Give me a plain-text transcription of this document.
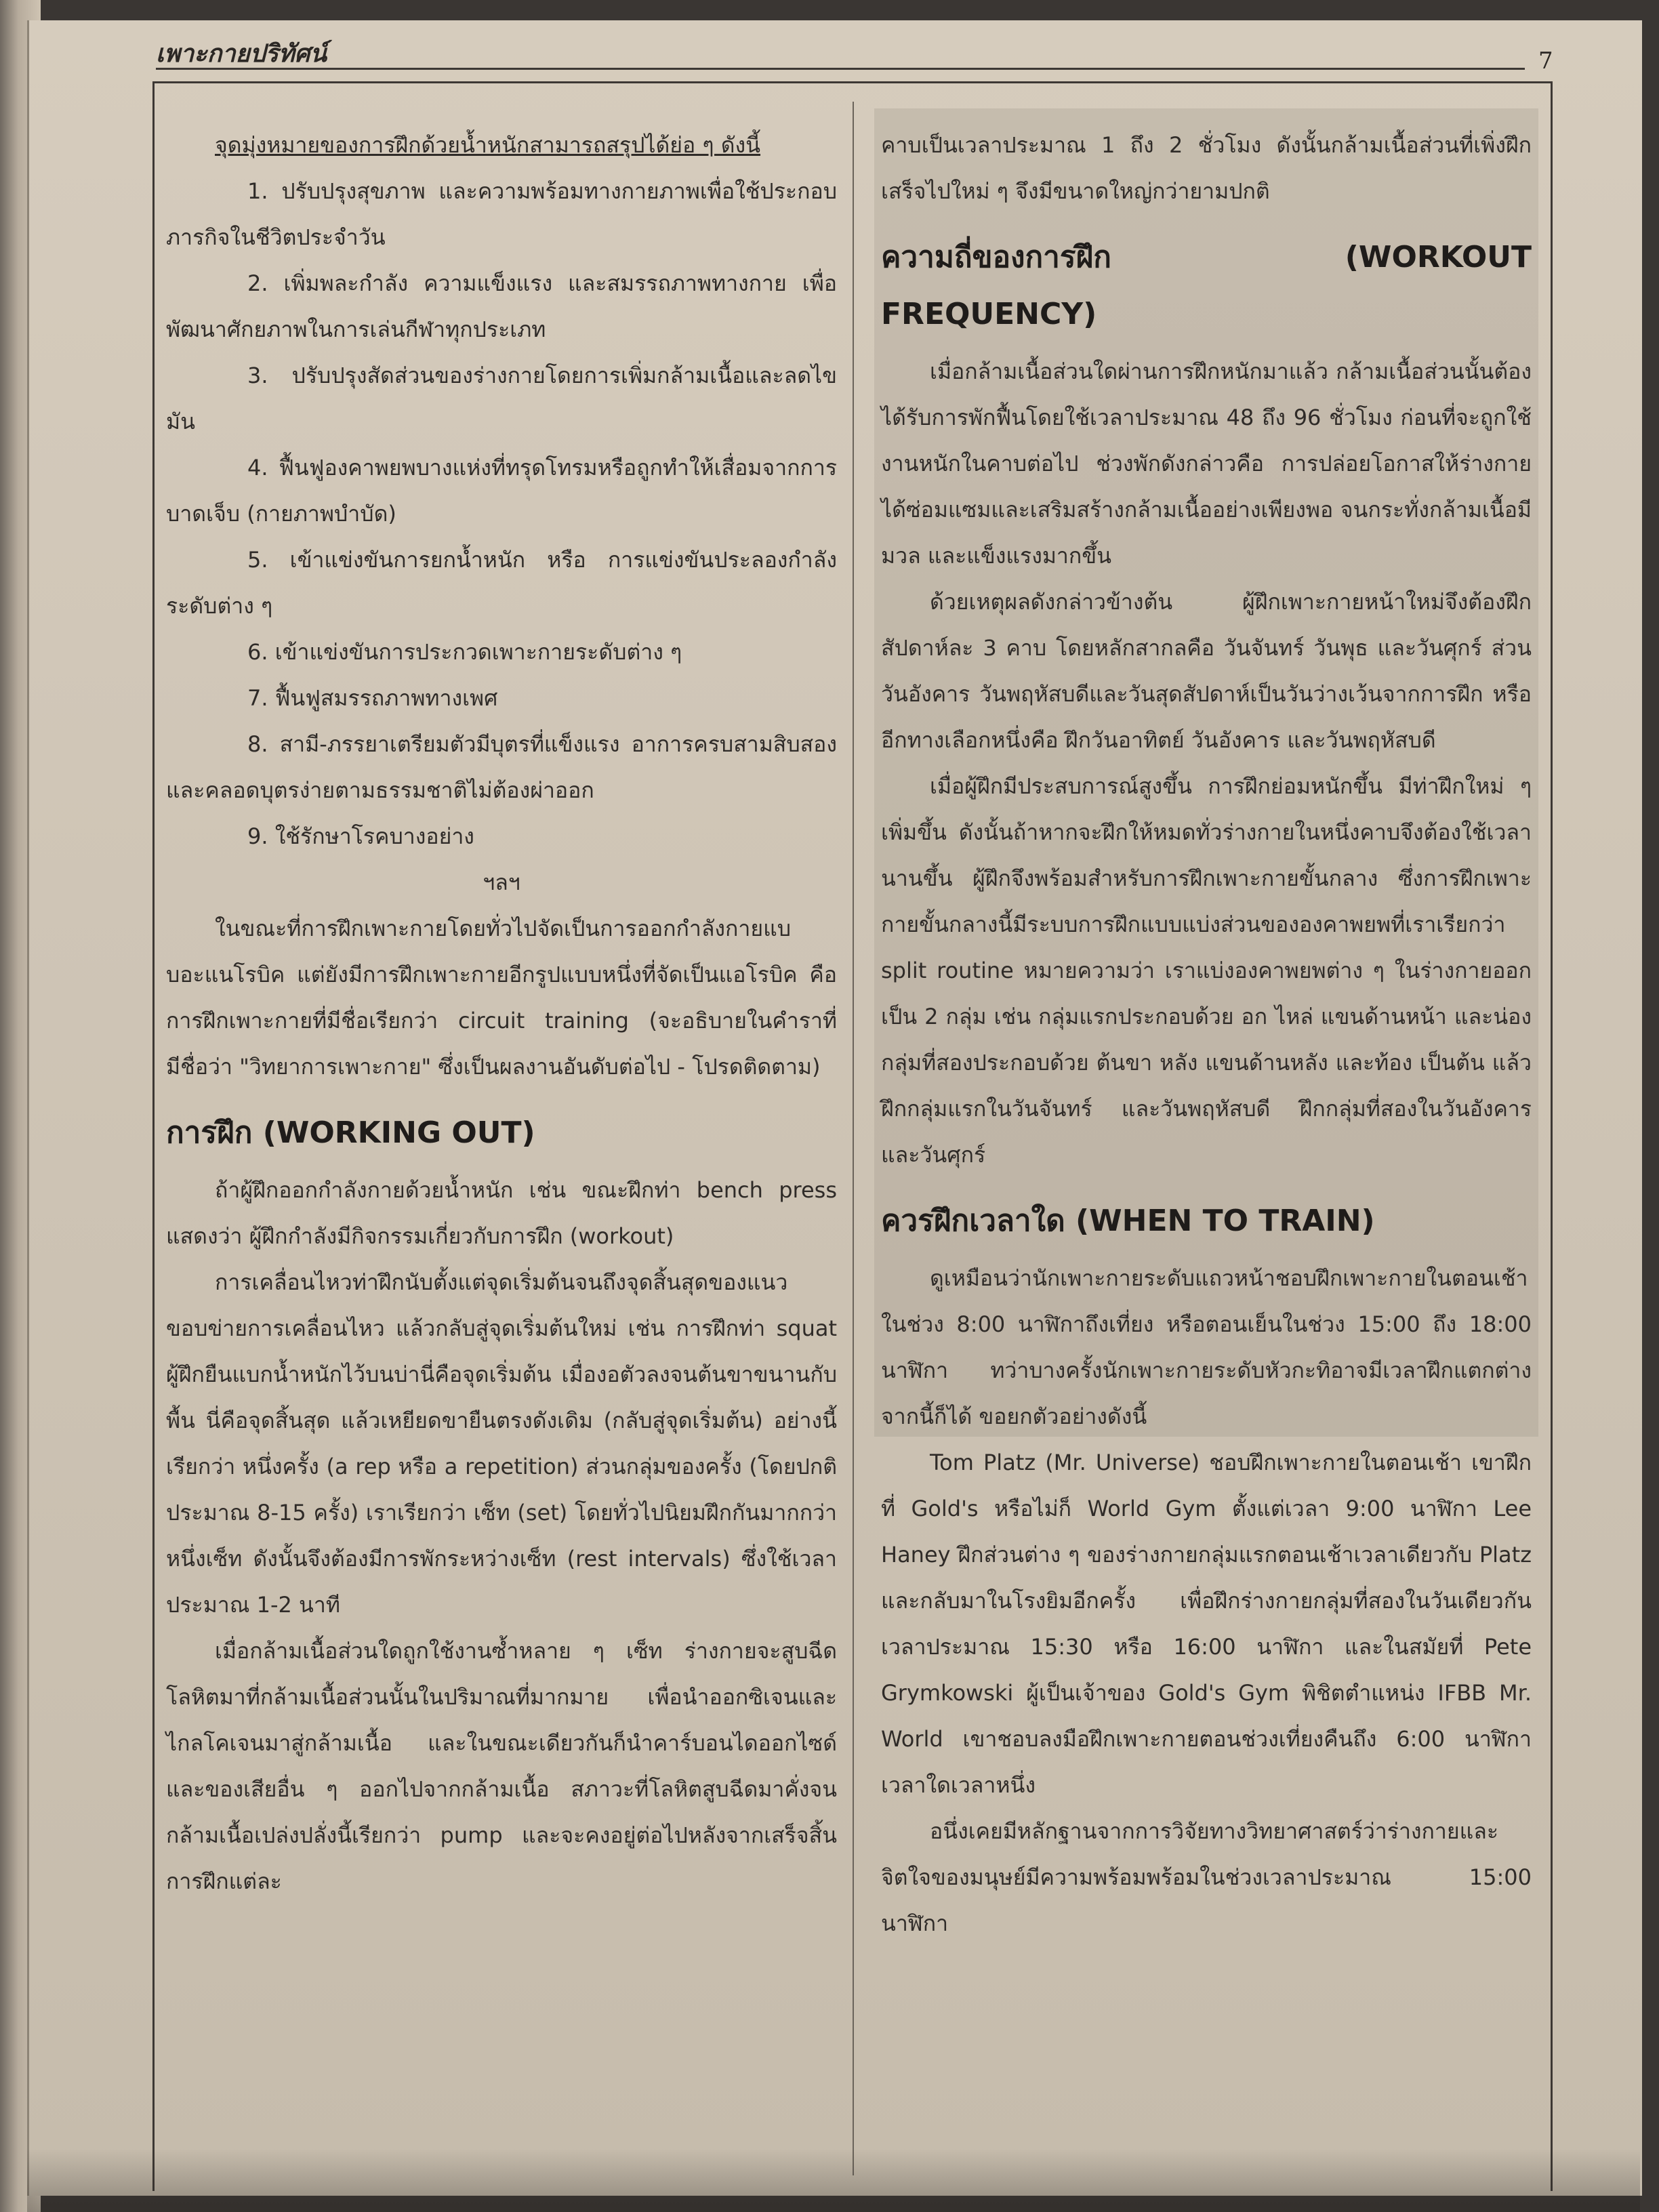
เพาะกายปริทัศน์	7

จุดมุ่งหมายของการฝึกด้วยน้ำหนักสามารถสรุปได้ย่อ ๆ ดังนี้

1. ปรับปรุงสุขภาพ และความพร้อมทางกายภาพเพื่อใช้ประกอบภารกิจในชีวิตประจำวัน

2. เพิ่มพละกำลัง ความแข็งแรง และสมรรถภาพทางกาย เพื่อพัฒนาศักยภาพในการเล่นกีฬาทุกประเภท

3. ปรับปรุงสัดส่วนของร่างกายโดยการเพิ่มกล้ามเนื้อและลดไขมัน

4. ฟื้นฟูองคาพยพบางแห่งที่ทรุดโทรมหรือถูกทำให้เสื่อมจากการบาดเจ็บ (กายภาพบำบัด)

5. เข้าแข่งขันการยกน้ำหนัก หรือ การแข่งขันประลองกำลังระดับต่าง ๆ

6. เข้าแข่งขันการประกวดเพาะกายระดับต่าง ๆ

7. ฟื้นฟูสมรรถภาพทางเพศ

8. สามี-ภรรยาเตรียมตัวมีบุตรที่แข็งแรง อาการครบสามสิบสอง และคลอดบุตรง่ายตามธรรมชาติไม่ต้องผ่าออก

9. ใช้รักษาโรคบางอย่าง

ฯลฯ

ในขณะที่การฝึกเพาะกายโดยทั่วไปจัดเป็นการออกกำลังกายแบบอะแนโรบิค แต่ยังมีการฝึกเพาะกายอีกรูปแบบหนึ่งที่จัดเป็นแอโรบิค คือการฝึกเพาะกายที่มีชื่อเรียกว่า circuit training (จะอธิบายในคำราที่มีชื่อว่า "วิทยาการเพาะกาย" ซึ่งเป็นผลงานอันดับต่อไป - โปรดติดตาม)

การฝึก (WORKING OUT)

ถ้าผู้ฝึกออกกำลังกายด้วยน้ำหนัก เช่น ขณะฝึกท่า bench press แสดงว่า ผู้ฝึกกำลังมีกิจกรรมเกี่ยวกับการฝึก (workout)

การเคลื่อนไหวท่าฝึกนับตั้งแต่จุดเริ่มต้นจนถึงจุดสิ้นสุดของแนวขอบข่ายการเคลื่อนไหว แล้วกลับสู่จุดเริ่มต้นใหม่ เช่น การฝึกท่า squat ผู้ฝึกยืนแบกน้ำหนักไว้บนบ่านี่คือจุดเริ่มต้น เมื่องอตัวลงจนต้นขาขนานกับพื้น นี่คือจุดสิ้นสุด แล้วเหยียดขายืนตรงดังเดิม (กลับสู่จุดเริ่มต้น) อย่างนี้เรียกว่า หนึ่งครั้ง (a rep หรือ a repetition) ส่วนกลุ่มของครั้ง (โดยปกติประมาณ 8-15 ครั้ง) เราเรียกว่า เซ็ท (set) โดยทั่วไปนิยมฝึกกันมากกว่าหนึ่งเซ็ท ดังนั้นจึงต้องมีการพักระหว่างเซ็ท (rest intervals) ซึ่งใช้เวลาประมาณ 1-2 นาที

เมื่อกล้ามเนื้อส่วนใดถูกใช้งานซ้ำหลาย ๆ เซ็ท ร่างกายจะสูบฉีดโลหิตมาที่กล้ามเนื้อส่วนนั้นในปริมาณที่มากมาย เพื่อนำออกซิเจนและไกลโคเจนมาสู่กล้ามเนื้อ และในขณะเดียวกันก็นำคาร์บอนไดออกไซด์ และของเสียอื่น ๆ ออกไปจากกล้ามเนื้อ สภาวะที่โลหิตสูบฉีดมาคั่งจนกล้ามเนื้อเปล่งปลั่งนี้เรียกว่า pump และจะคงอยู่ต่อไปหลังจากเสร็จสิ้นการฝึกแต่ละ

คาบเป็นเวลาประมาณ 1 ถึง 2 ชั่วโมง ดังนั้นกล้ามเนื้อส่วนที่เพิ่งฝึกเสร็จไปใหม่ ๆ จึงมีขนาดใหญ่กว่ายามปกติ

ความถี่ของการฝึก (WORKOUT FREQUENCY)

เมื่อกล้ามเนื้อส่วนใดผ่านการฝึกหนักมาแล้ว กล้ามเนื้อส่วนนั้นต้องได้รับการพักฟื้นโดยใช้เวลาประมาณ 48 ถึง 96 ชั่วโมง ก่อนที่จะถูกใช้งานหนักในคาบต่อไป ช่วงพักดังกล่าวคือ การปล่อยโอกาสให้ร่างกายได้ซ่อมแซมและเสริมสร้างกล้ามเนื้ออย่างเพียงพอ จนกระทั่งกล้ามเนื้อมีมวล และแข็งแรงมากขึ้น

ด้วยเหตุผลดังกล่าวข้างต้น ผู้ฝึกเพาะกายหน้าใหม่จึงต้องฝึกสัปดาห์ละ 3 คาบ โดยหลักสากลคือ วันจันทร์ วันพุธ และวันศุกร์ ส่วนวันอังคาร วันพฤหัสบดีและวันสุดสัปดาห์เป็นวันว่างเว้นจากการฝึก หรืออีกทางเลือกหนึ่งคือ ฝึกวันอาทิตย์ วันอังคาร และวันพฤหัสบดี

เมื่อผู้ฝึกมีประสบการณ์สูงขึ้น การฝึกย่อมหนักขึ้น มีท่าฝึกใหม่ ๆ เพิ่มขึ้น ดังนั้นถ้าหากจะฝึกให้หมดทั่วร่างกายในหนึ่งคาบจึงต้องใช้เวลานานขึ้น ผู้ฝึกจึงพร้อมสำหรับการฝึกเพาะกายขั้นกลาง ซึ่งการฝึกเพาะกายขั้นกลางนี้มีระบบการฝึกแบบแบ่งส่วนขององคาพยพที่เราเรียกว่า split routine หมายความว่า เราแบ่งองคาพยพต่าง ๆ ในร่างกายออกเป็น 2 กลุ่ม เช่น กลุ่มแรกประกอบด้วย อก ไหล่ แขนด้านหน้า และน่อง กลุ่มที่สองประกอบด้วย ต้นขา หลัง แขนด้านหลัง และท้อง เป็นต้น แล้วฝึกกลุ่มแรกในวันจันทร์ และวันพฤหัสบดี ฝึกกลุ่มที่สองในวันอังคาร และวันศุกร์

ควรฝึกเวลาใด (WHEN TO TRAIN)

ดูเหมือนว่านักเพาะกายระดับแถวหน้าชอบฝึกเพาะกายในตอนเช้าในช่วง 8:00 นาฬิกาถึงเที่ยง หรือตอนเย็นในช่วง 15:00 ถึง 18:00 นาฬิกา ทว่าบางครั้งนักเพาะกายระดับหัวกะทิอาจมีเวลาฝึกแตกต่างจากนี้ก็ได้ ขอยกตัวอย่างดังนี้

Tom Platz (Mr. Universe) ชอบฝึกเพาะกายในตอนเช้า เขาฝึกที่ Gold's หรือไม่ก็ World Gym ตั้งแต่เวลา 9:00 นาฬิกา Lee Haney ฝึกส่วนต่าง ๆ ของร่างกายกลุ่มแรกตอนเช้าเวลาเดียวกับ Platz และกลับมาในโรงยิมอีกครั้ง เพื่อฝึกร่างกายกลุ่มที่สองในวันเดียวกัน เวลาประมาณ 15:30 หรือ 16:00 นาฬิกา และในสมัยที่ Pete Grymkowski ผู้เป็นเจ้าของ Gold's Gym พิชิตตำแหน่ง IFBB Mr. World เขาชอบลงมือฝึกเพาะกายตอนช่วงเที่ยงคืนถึง 6:00 นาฬิกา เวลาใดเวลาหนึ่ง

อนึ่งเคยมีหลักฐานจากการวิจัยทางวิทยาศาสตร์ว่าร่างกายและจิตใจของมนุษย์มีความพร้อมพร้อมในช่วงเวลาประมาณ 15:00 นาฬิกา
